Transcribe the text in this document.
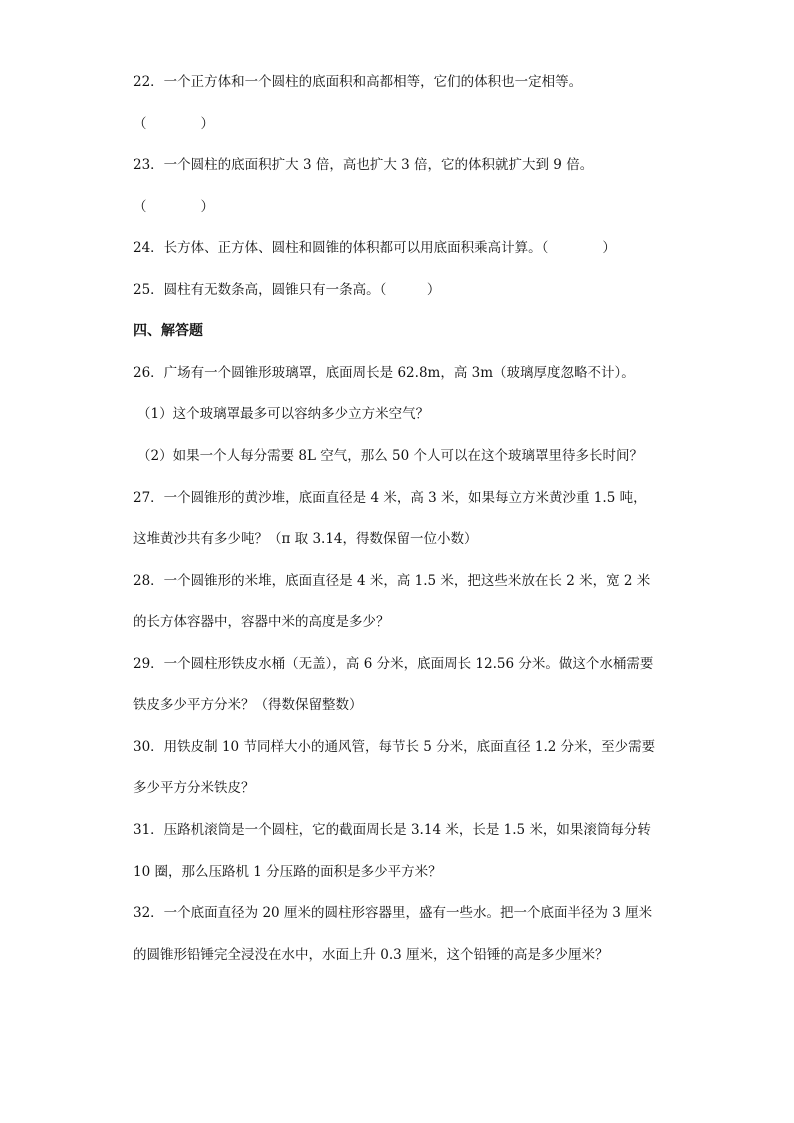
22．一个正方体和一个圆柱的底面积和高都相等，它们的体积也一定相等。
（　　　　）
23．一个圆柱的底面积扩大 3 倍，高也扩大 3 倍，它的体积就扩大到 9 倍。
（　　　　）
24．长方体、正方体、圆柱和圆锥的体积都可以用底面积乘高计算。（　　　　）
25．圆柱有无数条高，圆锥只有一条高。（　　　）
四、解答题
26．广场有一个圆锥形玻璃罩，底面周长是 62.8m，高 3m（玻璃厚度忽略不计）。
（1）这个玻璃罩最多可以容纳多少立方米空气？
（2）如果一个人每分需要 8L 空气，那么 50 个人可以在这个玻璃罩里待多长时间？
27．一个圆锥形的黄沙堆，底面直径是 4 米，高 3 米，如果每立方米黄沙重 1.5 吨，
这堆黄沙共有多少吨？（π 取 3.14，得数保留一位小数）
28．一个圆锥形的米堆，底面直径是 4 米，高 1.5 米，把这些米放在长 2 米，宽 2 米
的长方体容器中，容器中米的高度是多少？
29．一个圆柱形铁皮水桶（无盖），高 6 分米，底面周长 12.56 分米。做这个水桶需要
铁皮多少平方分米？（得数保留整数）
30．用铁皮制 10 节同样大小的通风管，每节长 5 分米，底面直径 1.2 分米，至少需要
多少平方分米铁皮？
31．压路机滚筒是一个圆柱，它的截面周长是 3.14 米，长是 1.5 米，如果滚筒每分转
10 圈，那么压路机 1 分压路的面积是多少平方米？
32．一个底面直径为 20 厘米的圆柱形容器里，盛有一些水。把一个底面半径为 3 厘米
的圆锥形铅锤完全浸没在水中，水面上升 0.3 厘米，这个铅锤的高是多少厘米？
